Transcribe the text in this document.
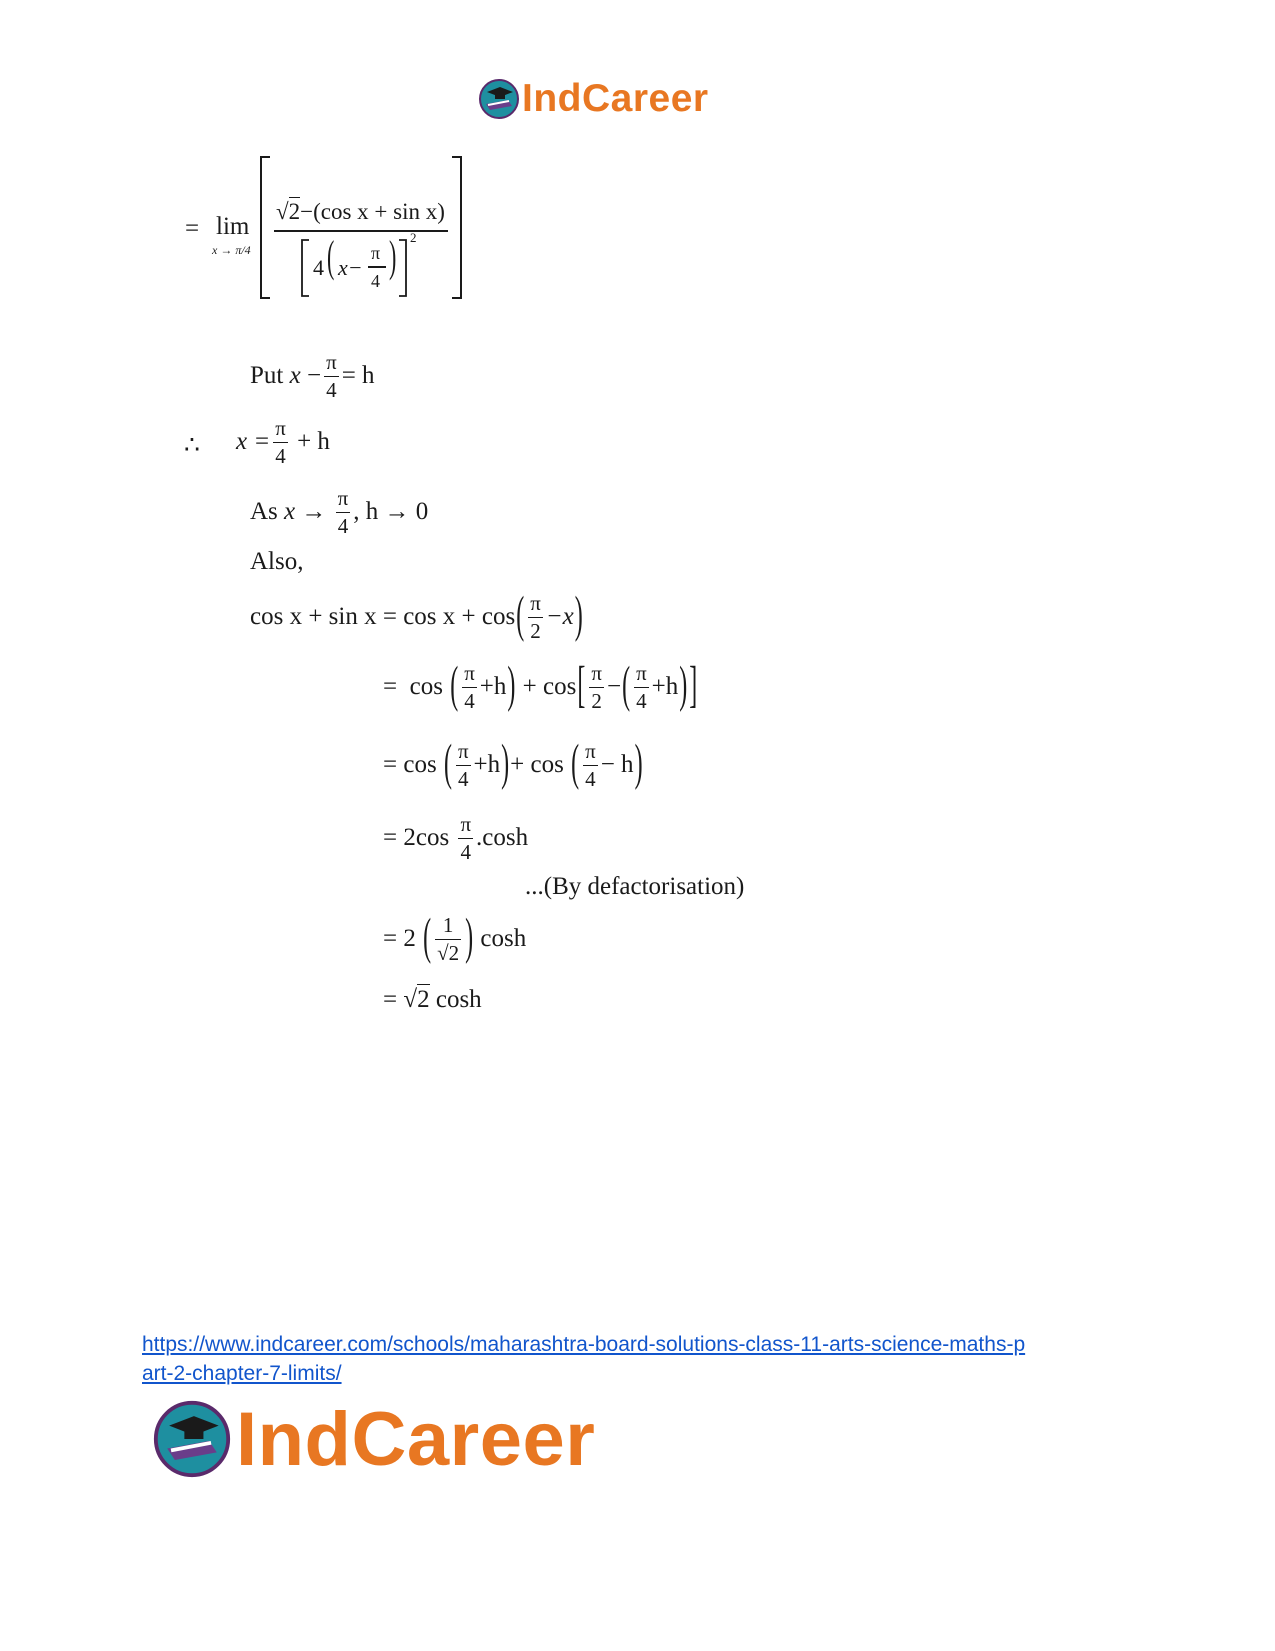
IndCareer
= lim
x → π/4
√2−(cos x + sin x)
4 ( x−
π
4 ) 2
Put
x
− $\frac{\pi}{4} = h$
∴ $x = \frac{\pi}{4}$
+ h
As
x
→
$\frac{\pi}{4}$ , h → 0
Also,
cos x + sin x = cos x + cos ( $\frac{\pi}{2} -x$ )
=
cos
( $\frac{\pi}{4} +h$ )
+ cos [ $\frac{\pi}{2}$ − ( $\frac{\pi}{4} +h$ ) ]
=
cos
( $\frac{\pi}{4} +h$ ) + cos
( $\frac{\pi}{4} - h$ )
= 2cos
$\frac{\pi}{4} .\cosh$
...(By defactorisation)
= 2
( $\frac{1}{√2}$ )
cosh
= √2 cosh
https://www.indcareer.com/schools/maharashtra-board-solutions-class-11-arts-science-maths-p
art-2-chapter-7-limits/
IndCareer
